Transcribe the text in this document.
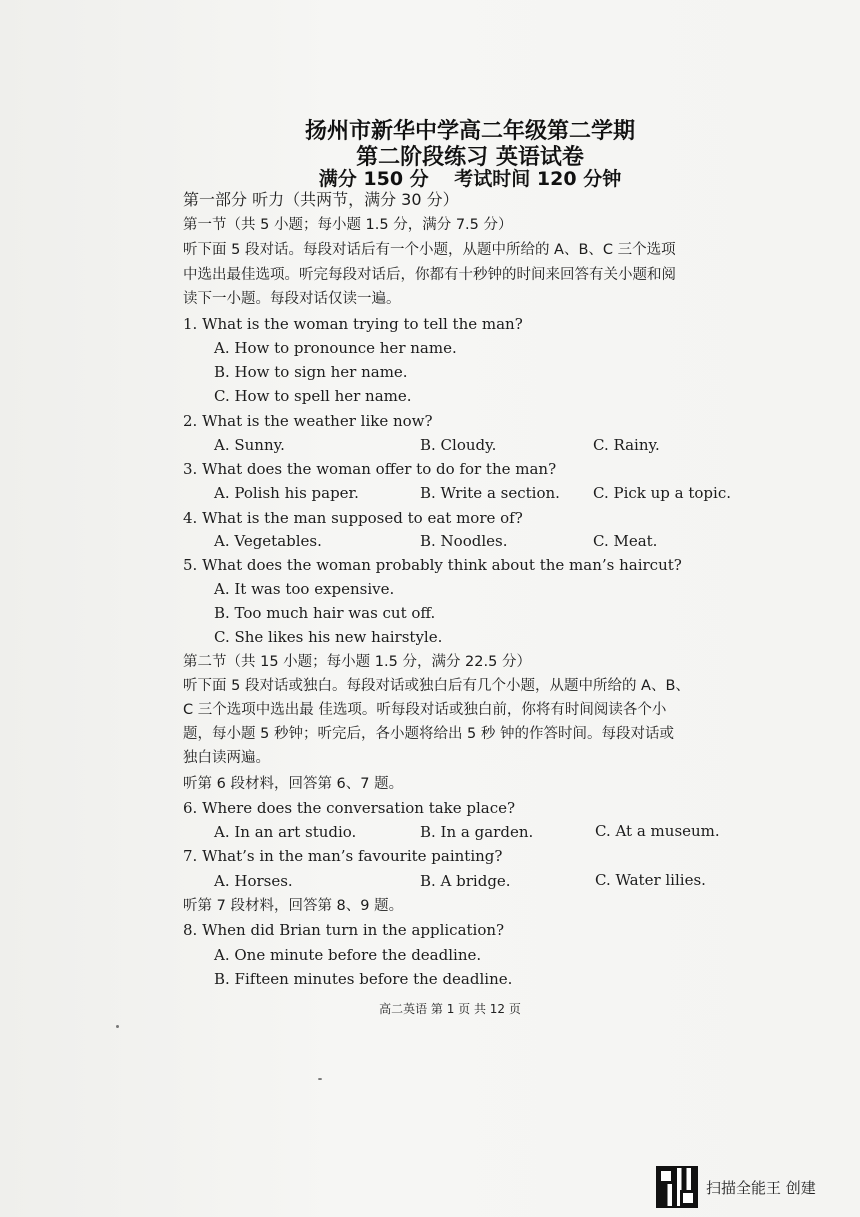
扬州市新华中学高二年级第二学期
第二阶段练习 英语试卷
满分 150 分　 考试时间 120 分钟
第一部分 听力（共两节，满分 30 分）
第一节（共 5 小题；每小题 1.5 分，满分 7.5 分）
听下面 5 段对话。每段对话后有一个小题，从题中所给的 A、B、C 三个选项
中选出最佳选项。听完每段对话后，你都有十秒钟的时间来回答有关小题和阅
读下一小题。每段对话仅读一遍。
1. What is the woman trying to tell the man?
A. How to pronounce her name.
B. How to sign her name.
C. How to spell her name.
2. What is the weather like now?
A. Sunny.	B. Cloudy.	C. Rainy.
3. What does the woman offer to do for the man?
A. Polish his paper.	B. Write a section. C. Pick up a topic.
4. What is the man supposed to eat more of?
A. Vegetables.	B. Noodles.	C. Meat.
5. What does the woman probably think about the man’s haircut?
A. It was too expensive.
B. Too much hair was cut off.
C. She likes his new hairstyle.
第二节（共 15 小题；每小题 1.5 分，满分 22.5 分）
听下面 5 段对话或独白。每段对话或独白后有几个小题，从题中所给的 A、B、
C 三个选项中选出最 佳选项。听每段对话或独白前，你将有时间阅读各个小
题，每小题 5 秒钟；听完后，各小题将给出 5 秒 钟的作答时间。每段对话或
独白读两遍。
听第 6 段材料，回答第 6、7 题。
6. Where does the conversation take place?
A. In an art studio.	B. In a garden.	C. At a museum.
7. What’s in the man’s favourite painting?
A. Horses.	B. A bridge.	C. Water lilies.
听第 7 段材料，回答第 8、9 题。
8. When did Brian turn in the application?
A. One minute before the deadline.
B. Fifteen minutes before the deadline.
高二英语 第 1 页 共 12 页
扫描全能王 创建
